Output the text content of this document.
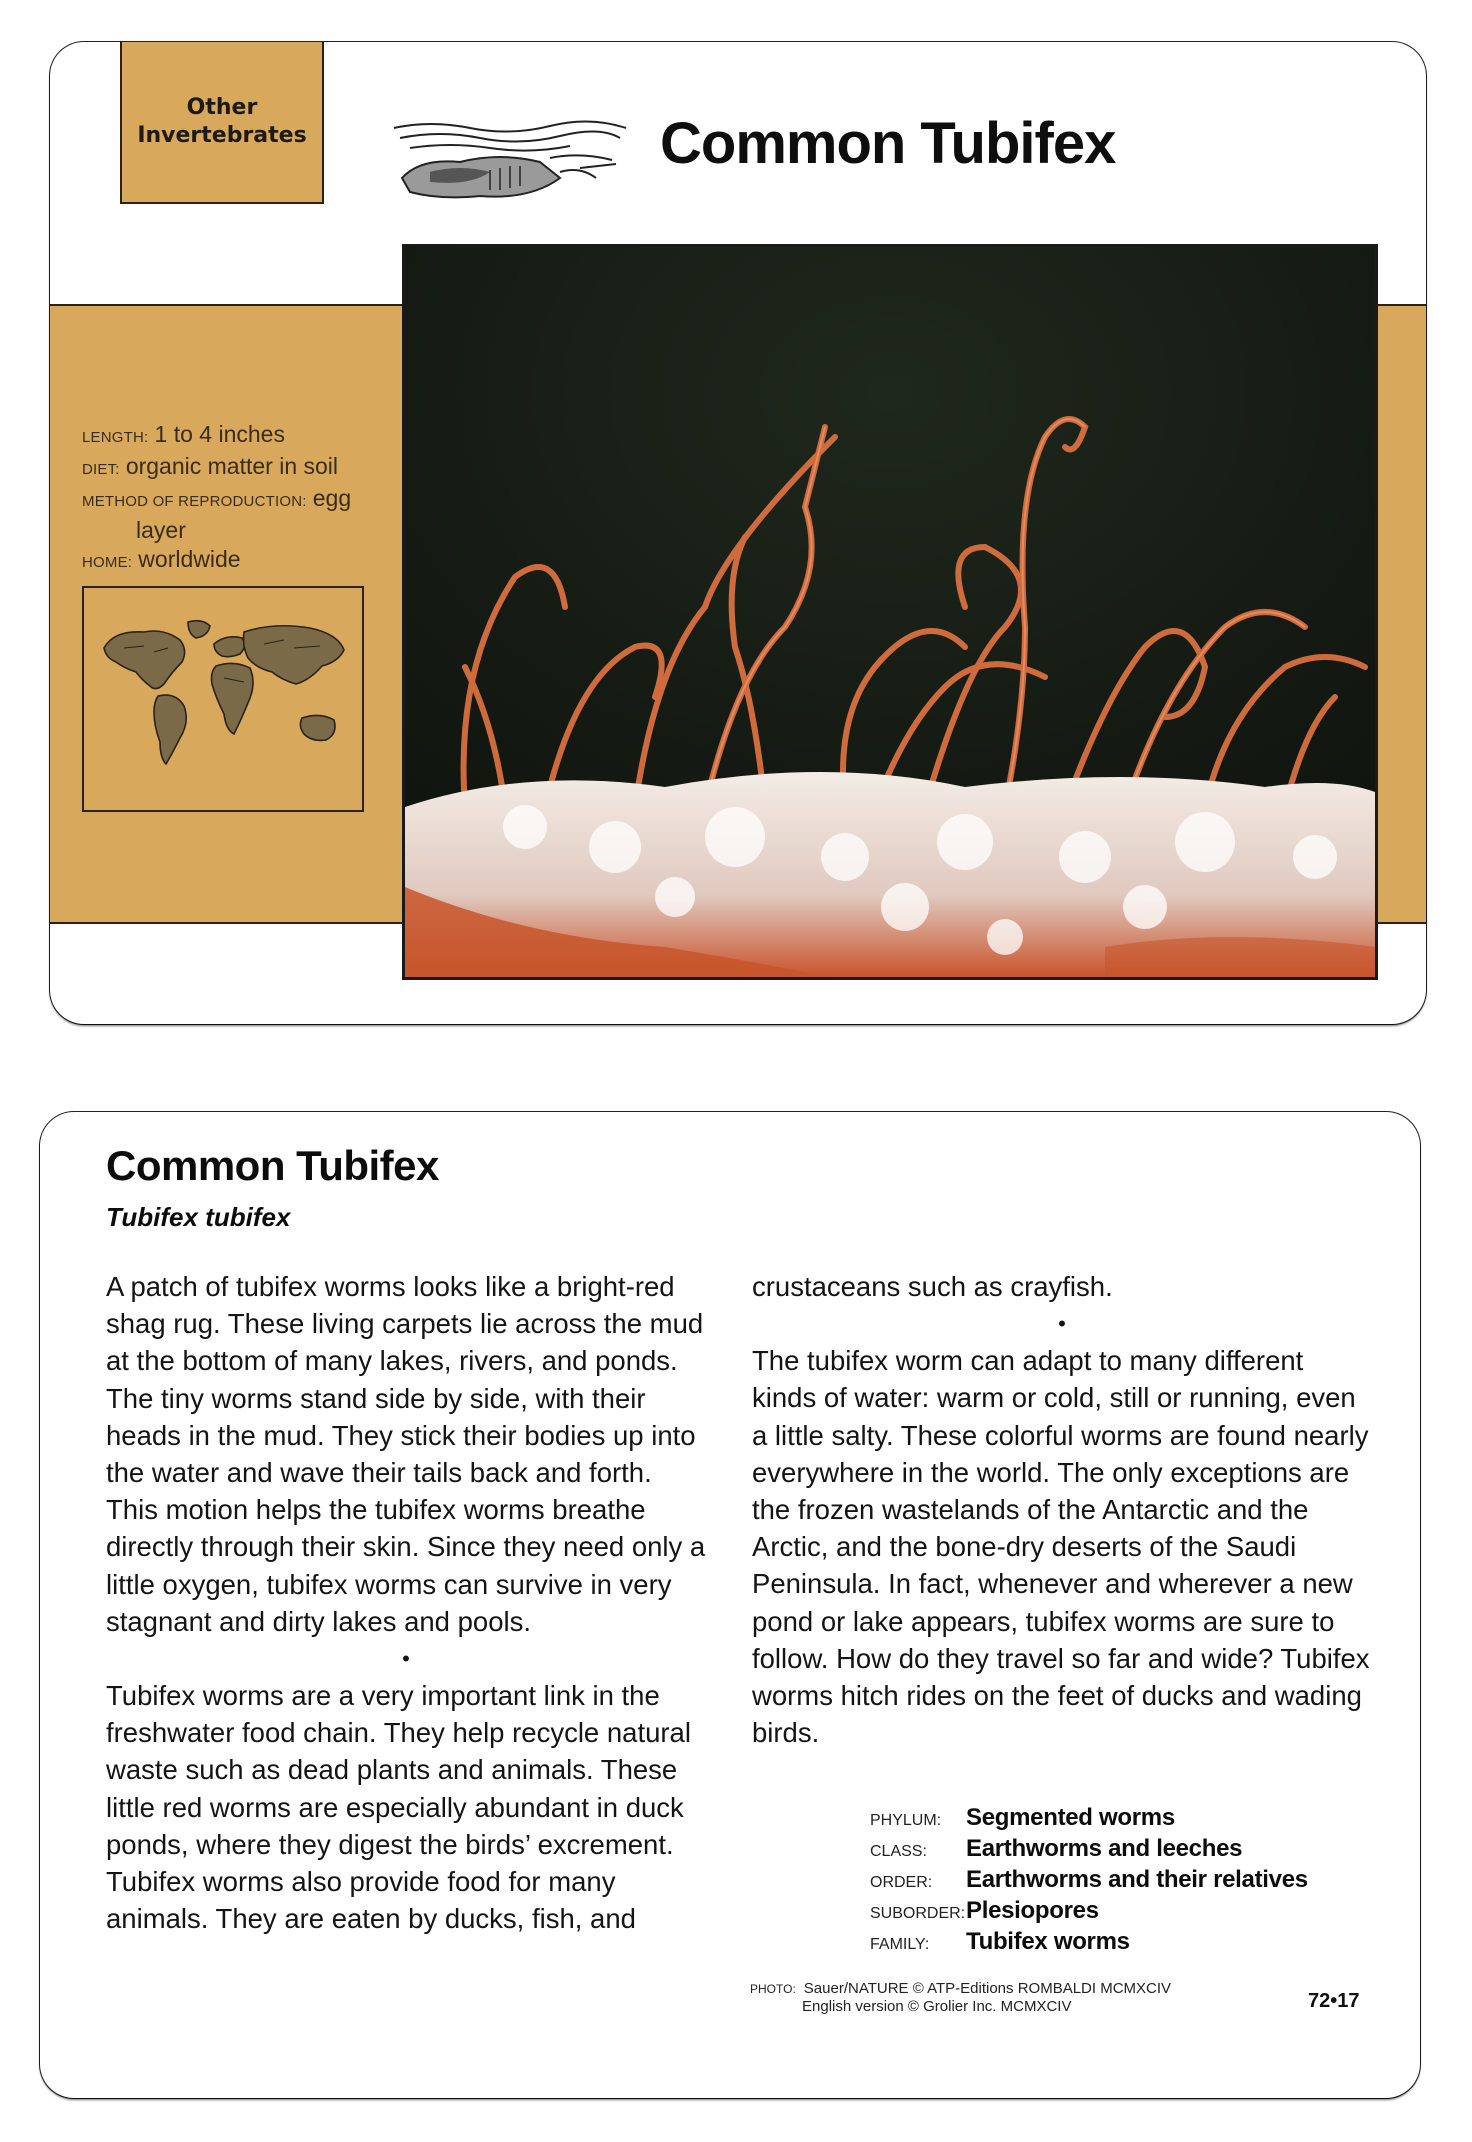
Other
Invertebrates	Common Tubifex
LENGTH: 1 to 4 inches
DIET: organic matter in soil
METHOD OF REPRODUCTION: egg
layer
HOME: worldwide
Common Tubifex
Tubifex tubifex

A patch of tubifex worms looks like a bright-red shag rug. These living carpets lie across the mud at the bottom of many lakes, rivers, and ponds. The tiny worms stand side by side, with their heads in the mud. They stick their bodies up into the water and wave their tails back and forth. This motion helps the tubifex worms breathe directly through their skin. Since they need only a little oxygen, tubifex worms can survive in very stagnant and dirty lakes and pools.

•

Tubifex worms are a very important link in the freshwater food chain. They help recycle natural waste such as dead plants and animals. These little red worms are especially abundant in duck ponds, where they digest the birds’ excrement. Tubifex worms also provide food for many animals. They are eaten by ducks, fish, and

crustaceans such as crayfish.

•

The tubifex worm can adapt to many different kinds of water: warm or cold, still or running, even a little salty. These colorful worms are found nearly everywhere in the world. The only exceptions are the frozen wastelands of the Antarctic and the Arctic, and the bone-dry deserts of the Saudi Peninsula. In fact, whenever and wherever a new pond or lake appears, tubifex worms are sure to follow. How do they travel so far and wide? Tubifex worms hitch rides on the feet of ducks and wading birds.

PHYLUM:	Segmented worms
CLASS:	Earthworms and leeches
ORDER:	Earthworms and their relatives
SUBORDER: Plesiopores
FAMILY:	Tubifex worms
PHOTO: Sauer/NATURE © ATP-Editions ROMBALDI MCMXCIV
English version © Grolier Inc. MCMXCIV	72•17
